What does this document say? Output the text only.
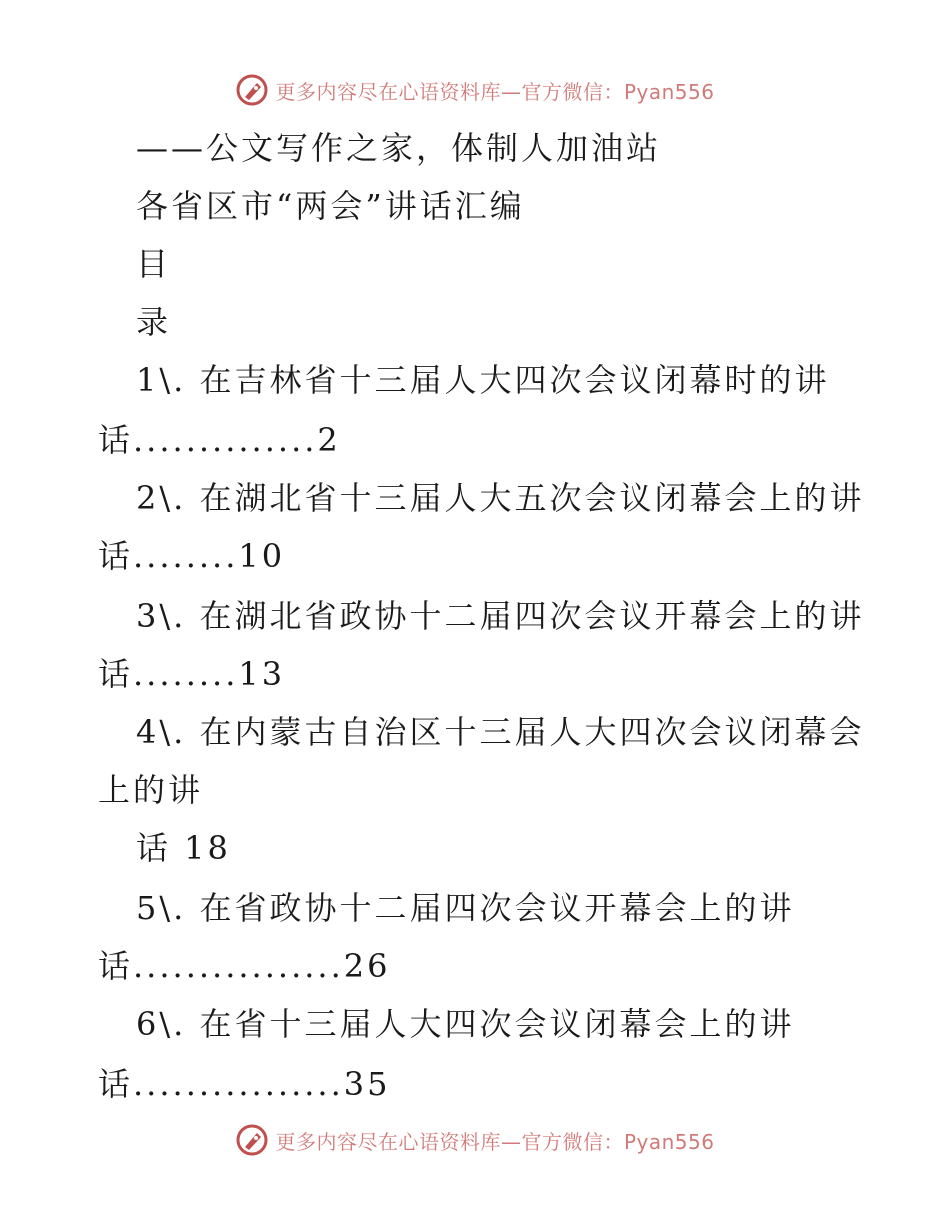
更多内容尽在心语资料库—官方微信：Pyan556
——公文写作之家，体制人加油站
各省区市“两会”讲话汇编
目
录
1\. 在吉林省十三届人大四次会议闭幕时的讲
话..............2
2\. 在湖北省十三届人大五次会议闭幕会上的讲
话........10
3\. 在湖北省政协十二届四次会议开幕会上的讲
话........13
4\. 在内蒙古自治区十三届人大四次会议闭幕会
上的讲
话 18
5\. 在省政协十二届四次会议开幕会上的讲
话................26
6\. 在省十三届人大四次会议闭幕会上的讲
话................35
更多内容尽在心语资料库—官方微信：Pyan556
